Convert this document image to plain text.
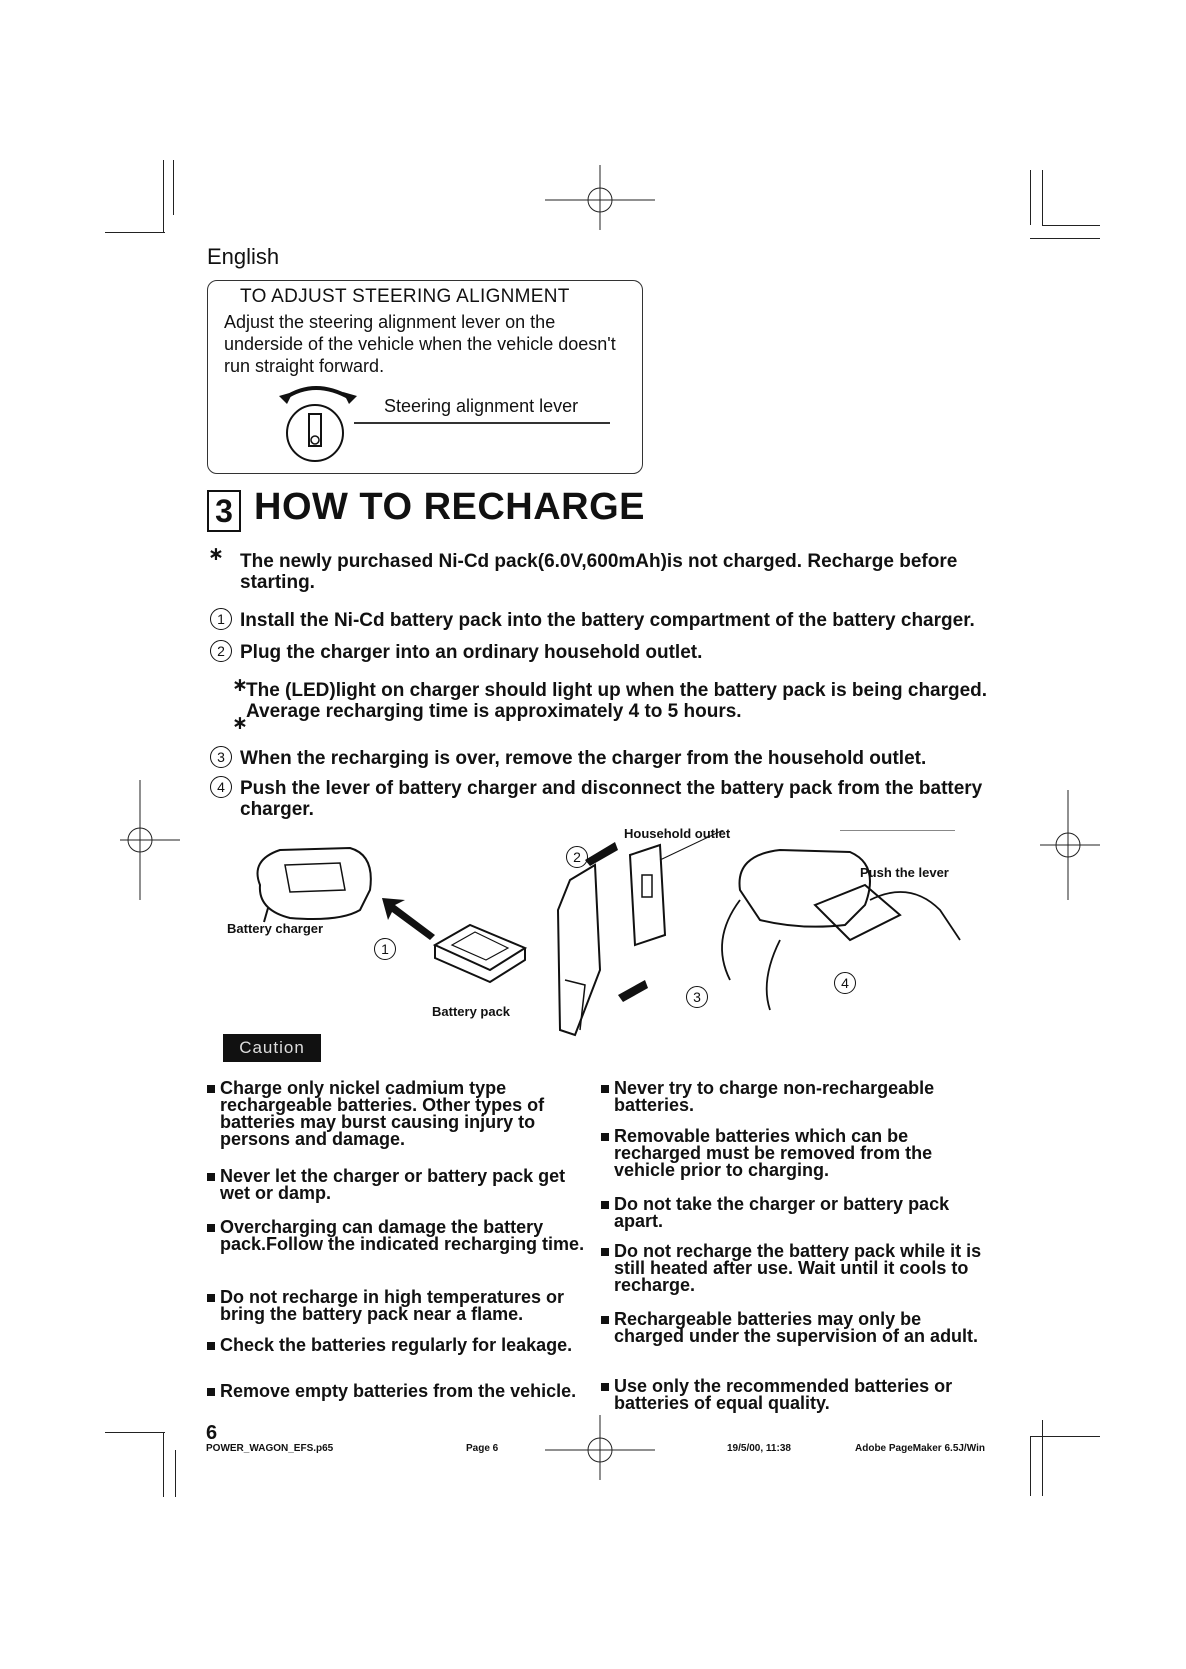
English
TO ADJUST STEERING ALIGNMENT
Adjust the steering alignment lever on the underside of the vehicle when the vehicle doesn't run straight forward.
Steering alignment lever
3 HOW TO RECHARGE
∗ The newly purchased Ni-Cd pack(6.0V,600mAh)is not charged. Recharge before starting.
1 Install the Ni-Cd battery pack into the battery compartment of the battery charger.
2 Plug the charger into an ordinary household outlet.
∗
The (LED)light on charger should light up when the battery pack is being charged. Average recharging time is approximately 4 to 5 hours.
∗
3 When the recharging is over, remove the charger from the household outlet.
4 Push the lever of battery charger and disconnect the battery pack from the battery charger.
Battery charger
Battery pack
Household outlet
Push the lever
1
2
3
4
Caution
Charge only nickel cadmium type rechargeable batteries. Other types of batteries may burst causing injury to persons and damage.
Never let the charger or battery pack get wet or damp.
Overcharging can damage the battery pack.Follow the indicated recharging time.
Do not recharge in high temperatures or bring the battery pack near a flame.
Check the batteries regularly for leakage.
Remove empty batteries from the vehicle.
Never try to charge non-rechargeable batteries.
Removable batteries which can be recharged must be removed from the vehicle prior to charging.
Do not take the charger or battery pack apart.
Do not recharge the battery pack while it is still heated after use. Wait until it cools to recharge.
Rechargeable batteries may only be charged under the supervision of an adult.
Use only the recommended batteries or batteries of equal quality.
6
POWER_WAGON_EFS.p65	Page 6	19/5/00, 11:38	Adobe PageMaker 6.5J/Win
